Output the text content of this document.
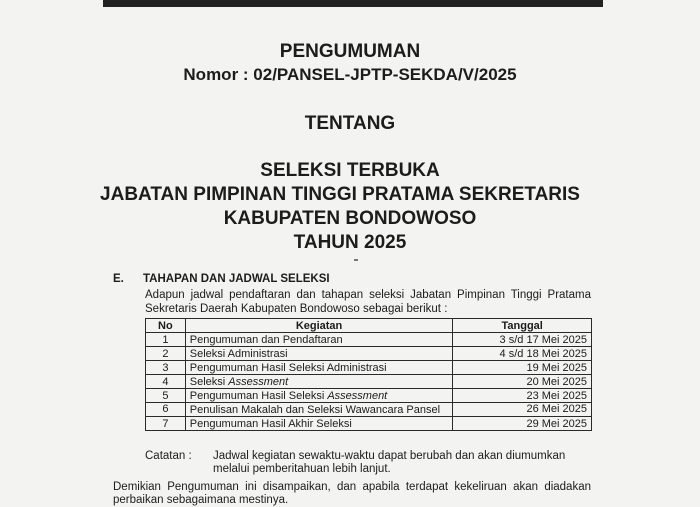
PENGUMUMAN
Nomor : 02/PANSEL-JPTP-SEKDA/V/2025
TENTANG
SELEKSI TERBUKA
JABATAN PIMPINAN TINGGI PRATAMA SEKRETARIS
KABUPATEN BONDOWOSO
TAHUN 2025
E. TAHAPAN DAN JADWAL SELEKSI
Adapun jadwal pendaftaran dan tahapan seleksi Jabatan Pimpinan Tinggi Pratama Sekretaris Daerah Kabupaten Bondowoso sebagai berikut :
No	Kegiatan	Tanggal
1	Pengumuman dan Pendaftaran	3 s/d 17 Mei 2025
2	Seleksi Administrasi	4 s/d 18 Mei 2025
3	Pengumuman Hasil Seleksi Administrasi	19 Mei 2025
4	Seleksi Assessment	20 Mei 2025
5	Pengumuman Hasil Seleksi Assessment	23 Mei 2025
6	Penulisan Makalah dan Seleksi Wawancara Pansel	26 Mei 2025
7	Pengumuman Hasil Akhir Seleksi	29 Mei 2025
Catatan : Jadwal kegiatan sewaktu-waktu dapat berubah dan akan diumumkan melalui pemberitahuan lebih lanjut.
Demikian Pengumuman ini disampaikan, dan apabila terdapat kekeliruan akan diadakan perbaikan sebagaimana mestinya.
